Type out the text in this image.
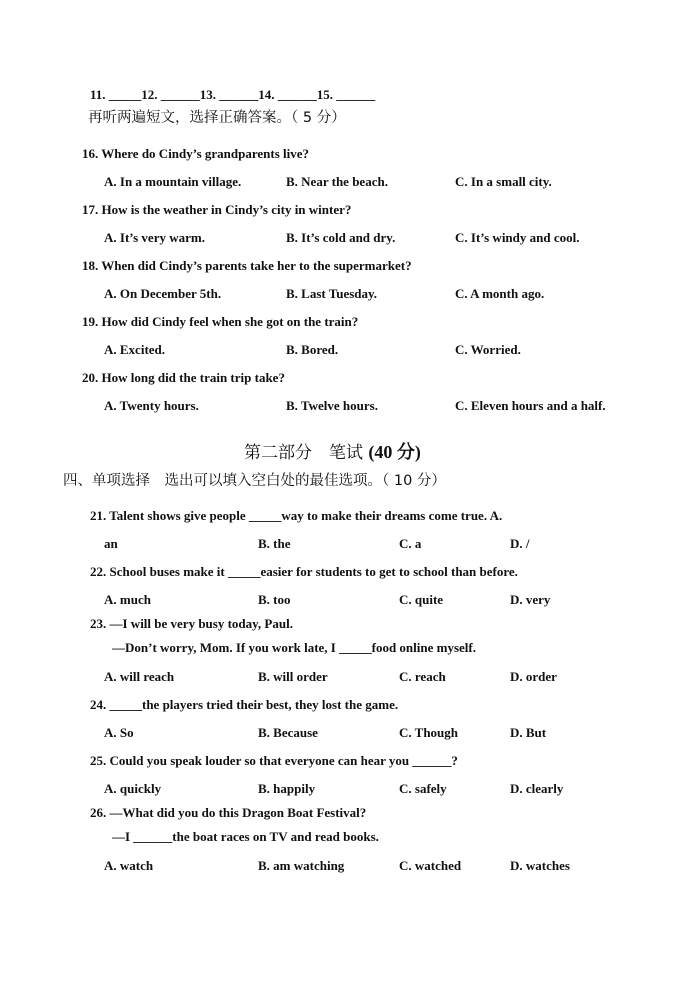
11. _____12. ______13. ______14. ______15. ______
再听两遍短文，选择正确答案。（ 5 分）
16. Where do Cindy’s grandparents live?
A. In a mountain village.	B. Near the beach.	C. In a small city.
17. How is the weather in Cindy’s city in winter?
A. It’s very warm.	B. It’s cold and dry.	C. It’s windy and cool.
18. When did Cindy’s parents take her to the supermarket?
A. On December 5th.	B. Last Tuesday.	C. A month ago.
19. How did Cindy feel when she got on the train?
A. Excited.	B. Bored.	C. Worried.
20. How long did the train trip take?
A. Twenty hours.	B. Twelve hours.	C. Eleven hours and a half.
第二部分　笔试 (40 分)
四、单项选择　选出可以填入空白处的最佳选项。（ 10 分）
21. Talent shows give people _____way to make their dreams come true. A.
an	B. the	C. a	D. /
22. School buses make it _____easier for students to get to school than before.
A. much	B. too	C. quite	D. very
23. —I will be very busy today, Paul.
—Don’t worry, Mom. If you work late, I _____food online myself.
A. will reach	B. will order	C. reach	D. order
24. _____the players tried their best, they lost the game.
A. So	B. Because	C. Though	D. But
25. Could you speak louder so that everyone can hear you ______?
A. quickly	B. happily	C. safely	D. clearly
26. —What did you do this Dragon Boat Festival?
—I ______the boat races on TV and read books.
A. watch	B. am watching	C. watched	D. watches
